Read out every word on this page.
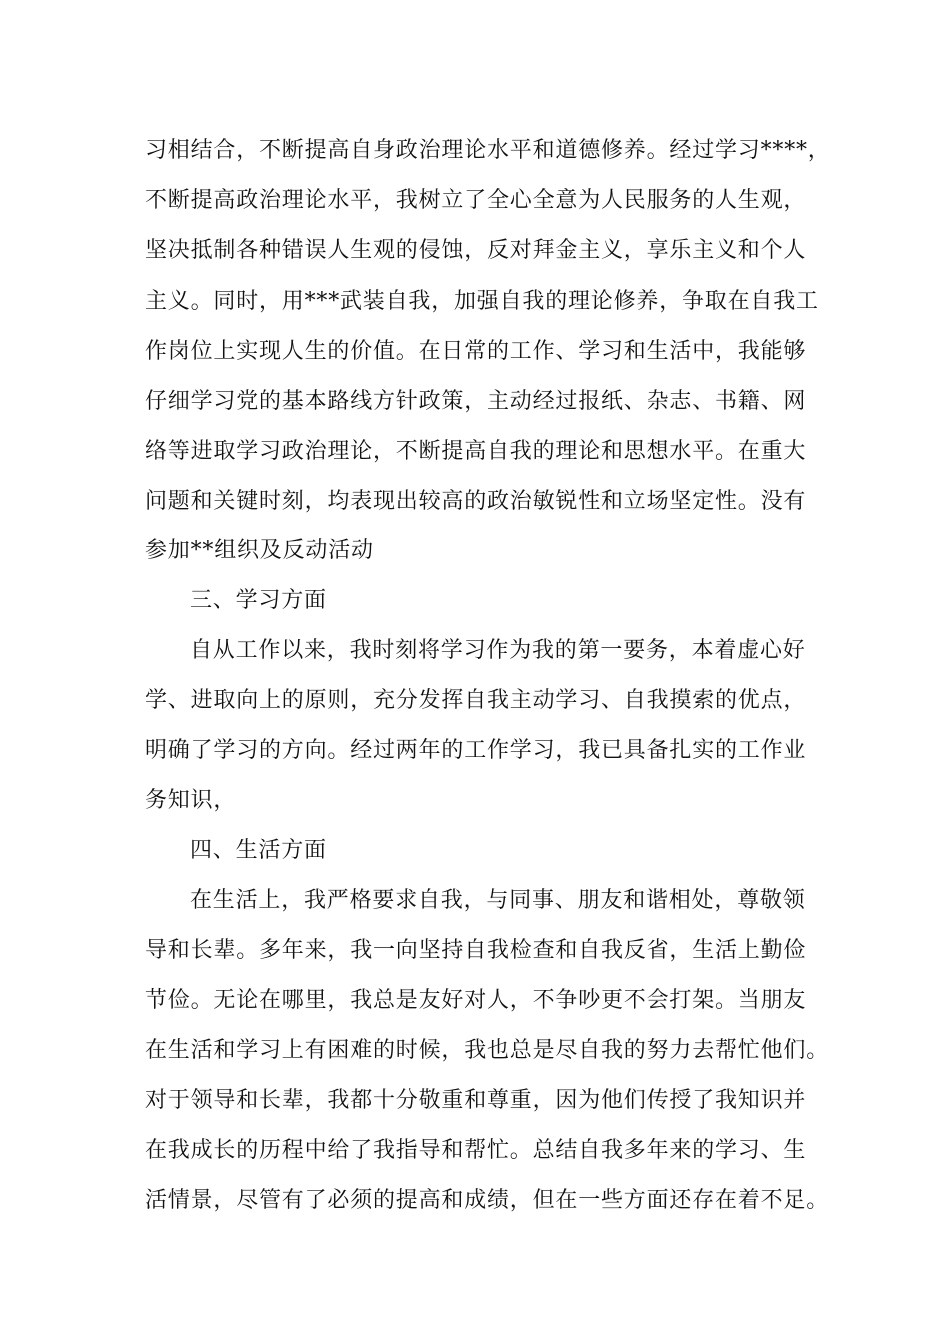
习相结合，不断提高自身政治理论水平和道德修养。经过学习****，
不断提高政治理论水平，我树立了全心全意为人民服务的人生观，
坚决抵制各种错误人生观的侵蚀，反对拜金主义，享乐主义和个人
主义。同时，用***武装自我，加强自我的理论修养，争取在自我工
作岗位上实现人生的价值。在日常的工作、学习和生活中，我能够
仔细学习党的基本路线方针政策，主动经过报纸、杂志、书籍、网
络等进取学习政治理论，不断提高自我的理论和思想水平。在重大
问题和关键时刻，均表现出较高的政治敏锐性和立场坚定性。没有
参加**组织及反动活动
三、学习方面
自从工作以来，我时刻将学习作为我的第一要务，本着虚心好
学、进取向上的原则，充分发挥自我主动学习、自我摸索的优点，
明确了学习的方向。经过两年的工作学习，我已具备扎实的工作业
务知识，
四、生活方面
在生活上，我严格要求自我，与同事、朋友和谐相处，尊敬领
导和长辈。多年来，我一向坚持自我检查和自我反省，生活上勤俭
节俭。无论在哪里，我总是友好对人，不争吵更不会打架。当朋友
在生活和学习上有困难的时候，我也总是尽自我的努力去帮忙他们。
对于领导和长辈，我都十分敬重和尊重，因为他们传授了我知识并
在我成长的历程中给了我指导和帮忙。总结自我多年来的学习、生
活情景，尽管有了必须的提高和成绩，但在一些方面还存在着不足。
